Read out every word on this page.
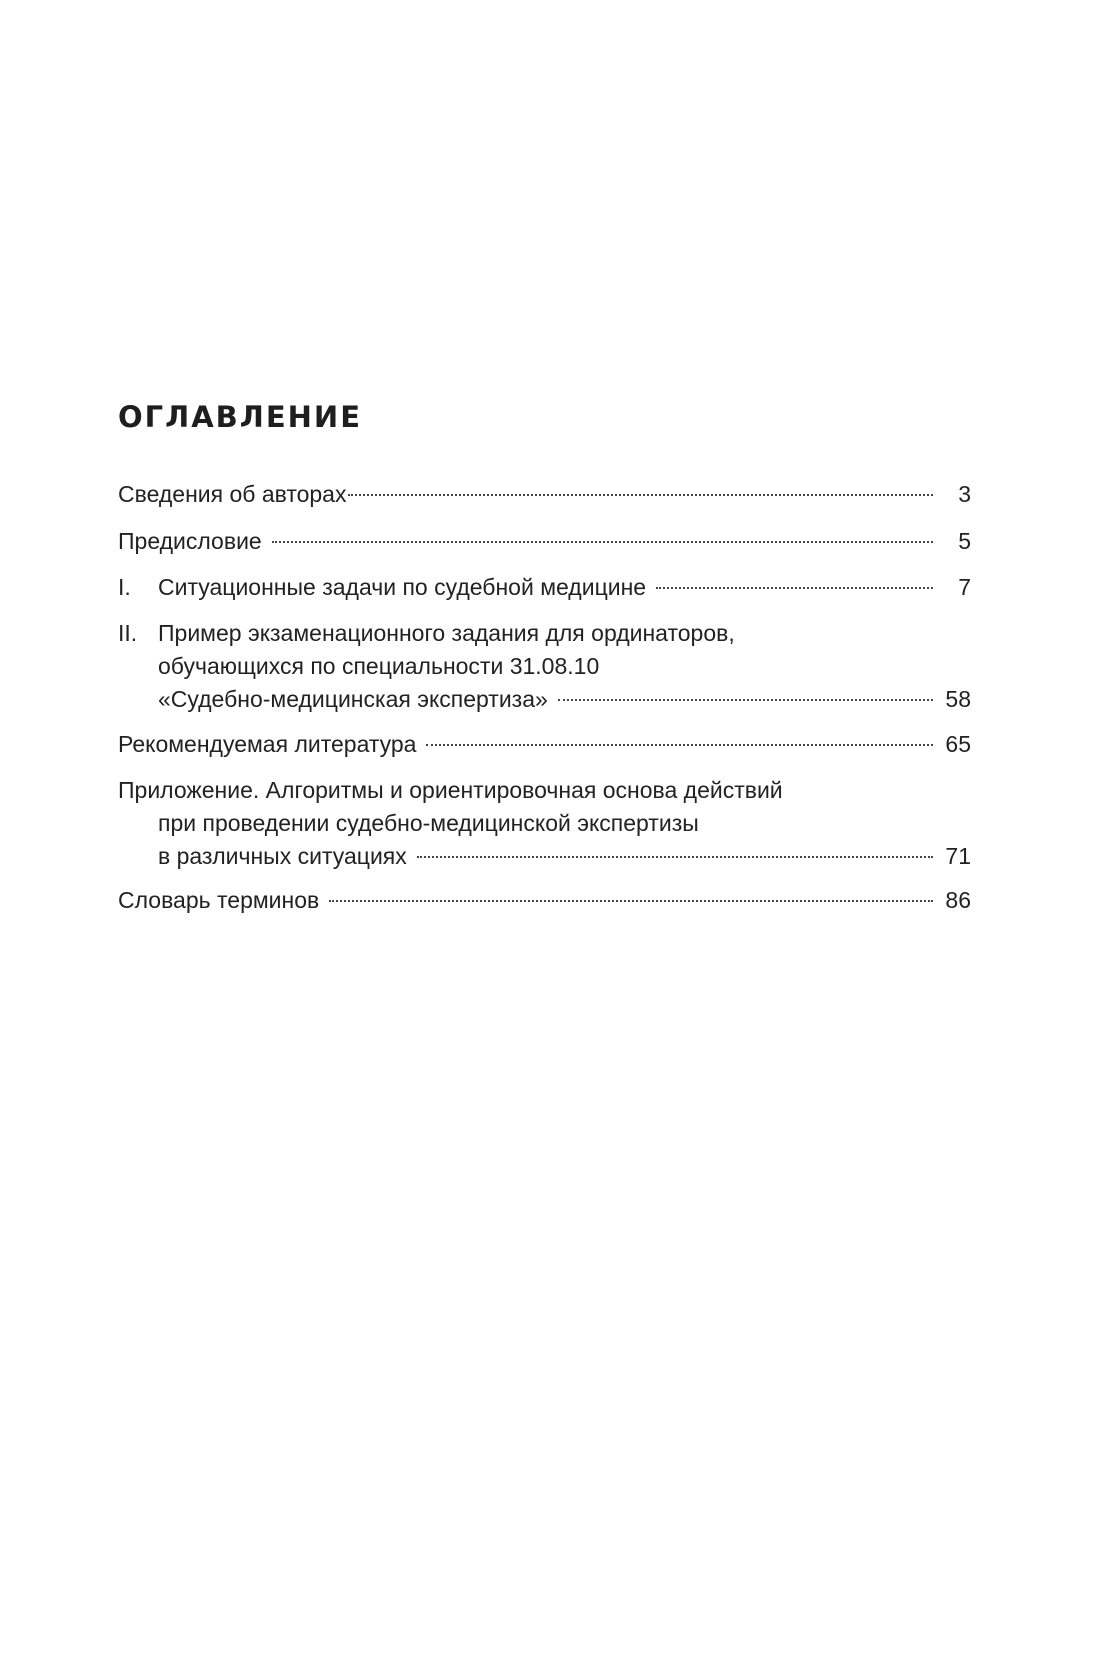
ОГЛАВЛЕНИЕ
Сведения об авторах	3
Предисловие	5
I.	Ситуационные задачи по судебной медицине	7
II. Пример экзаменационного задания для ординаторов,
обучающихся по специальности 31.08.10
«Судебно-медицинская экспертиза»	58
Рекомендуемая литература	65
Приложение. Алгоритмы и ориентировочная основа действий
при проведении судебно-медицинской экспертизы
в различных ситуациях	71
Словарь терминов	86
